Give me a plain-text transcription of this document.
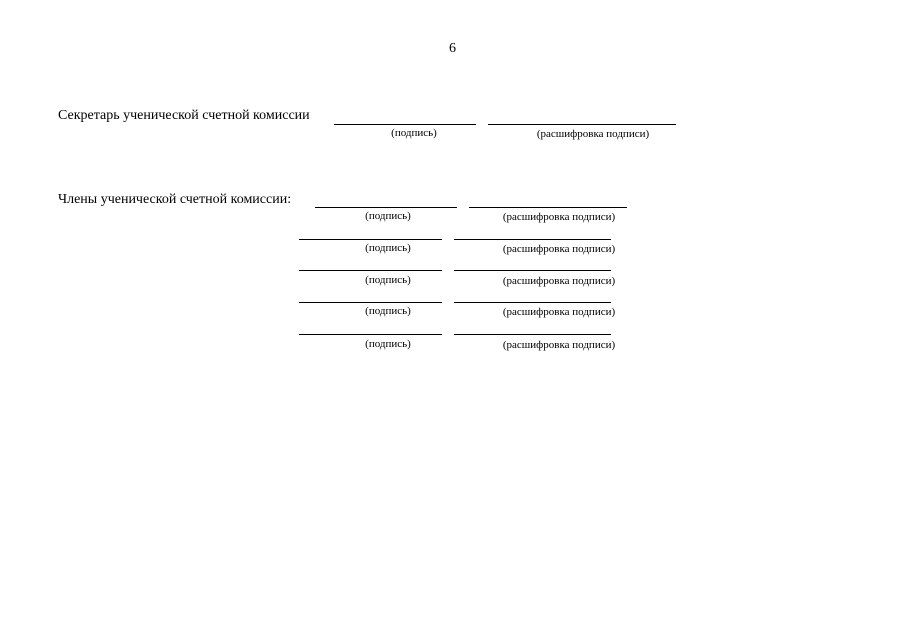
6
Секретарь ученической счетной комиссии
(подпись)	(расшифровка подписи)
Члены ученической счетной комиссии:
(подпись)	(расшифровка подписи)
(подпись)	(расшифровка подписи)
(подпись)	(расшифровка подписи)
(подпись)	(расшифровка подписи)
(подпись)	(расшифровка подписи)
